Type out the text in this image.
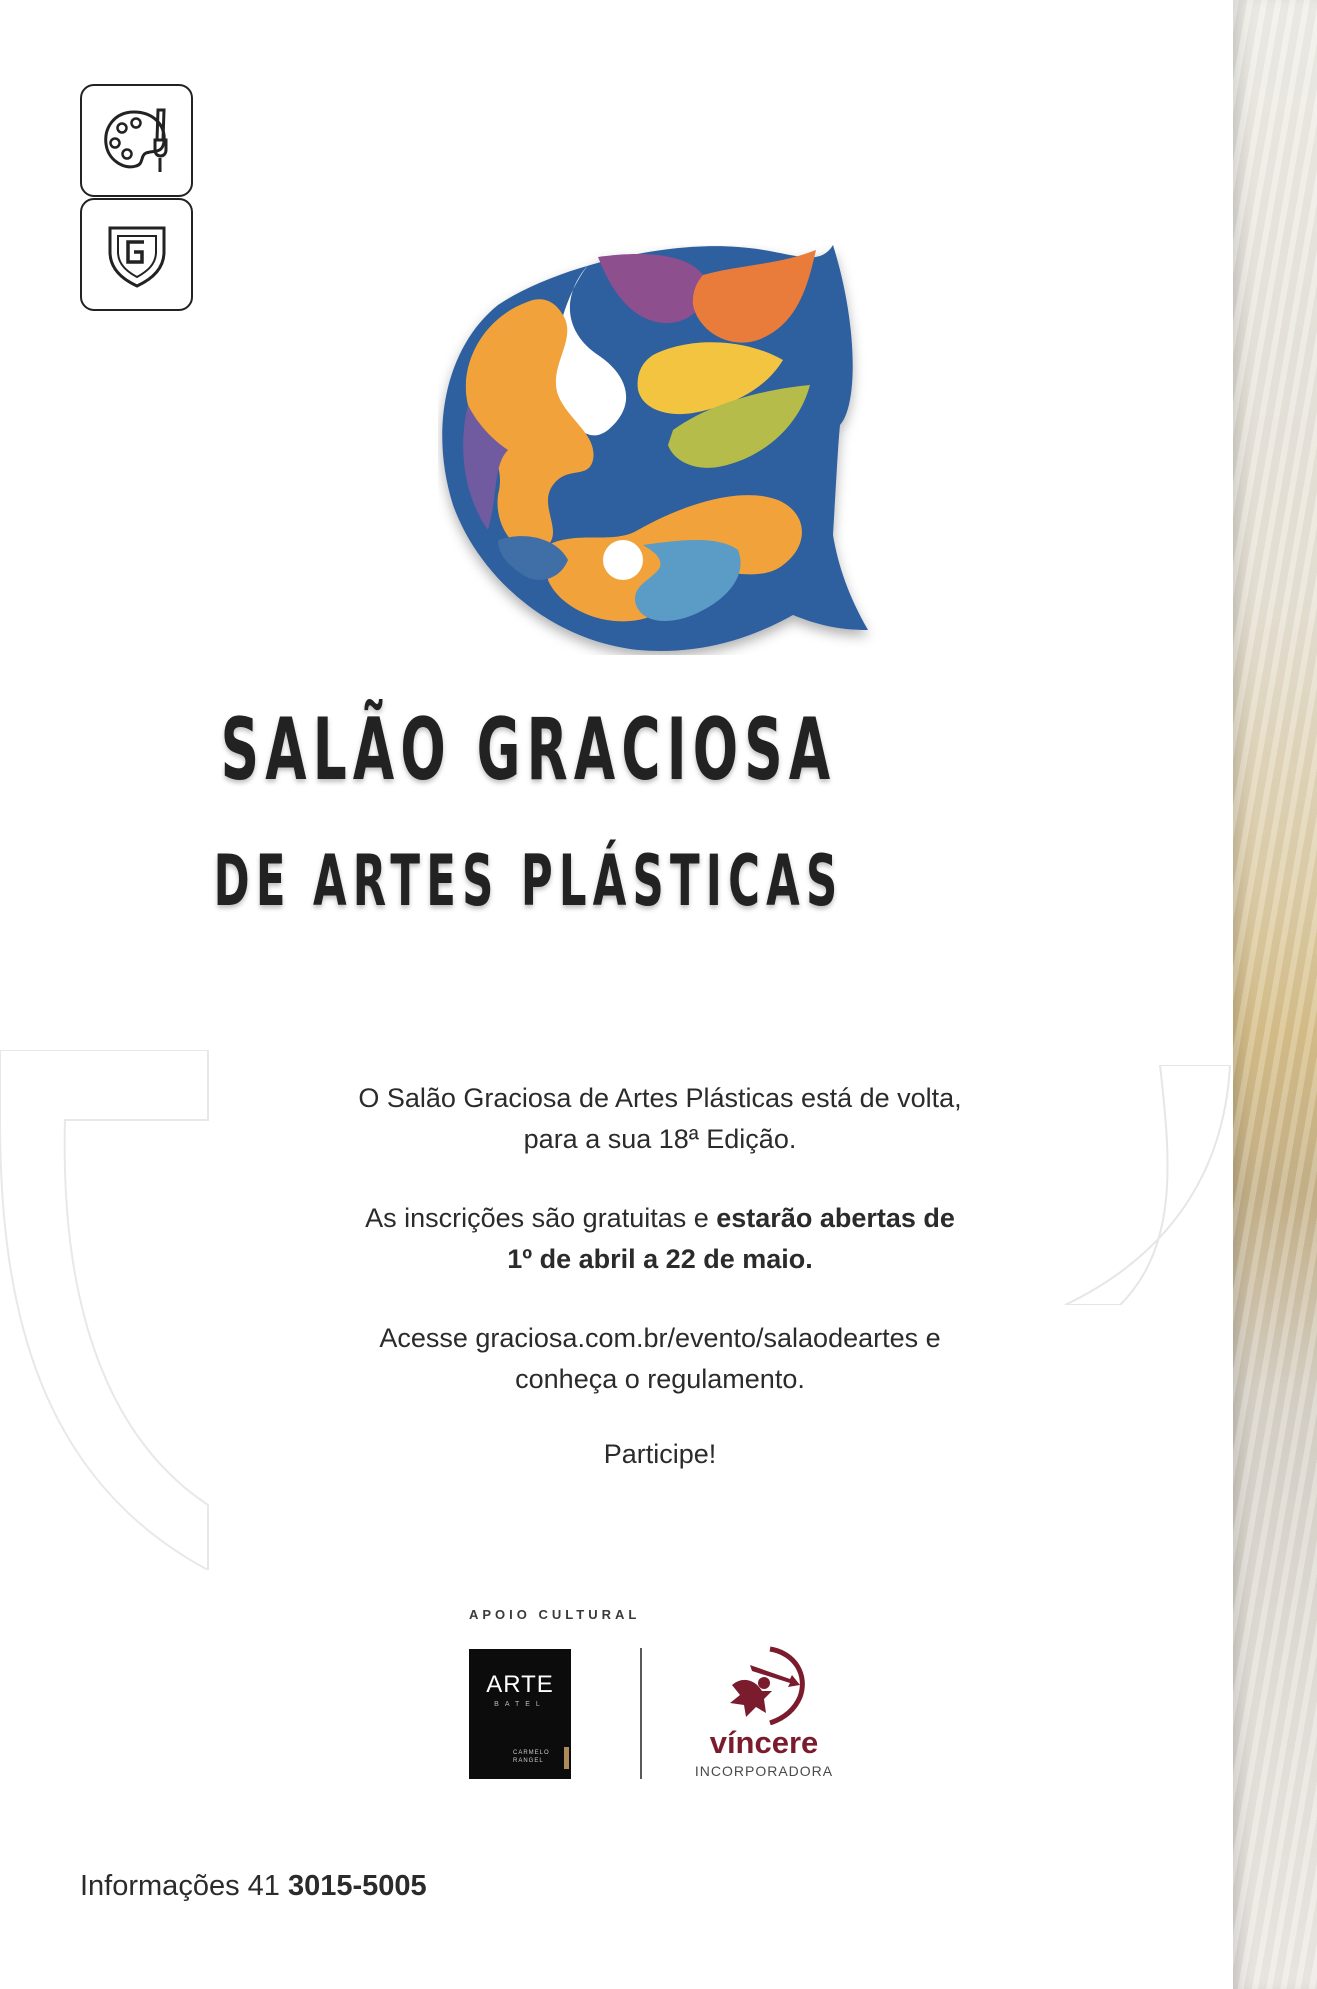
SALÃO GRACIOSA
DE ARTES PLÁSTICAS
O Salão Graciosa de Artes Plásticas está de volta,
para a sua 18ª Edição.
As inscrições são gratuitas e estarão abertas de
1º de abril a 22 de maio.
Acesse graciosa.com.br/evento/salaodeartes e
conheça o regulamento.
Participe!
APOIO CULTURAL
ARTE
BATEL
CARMELO
RANGEL
víncere
INCORPORADORA
Informações 41 3015-5005
